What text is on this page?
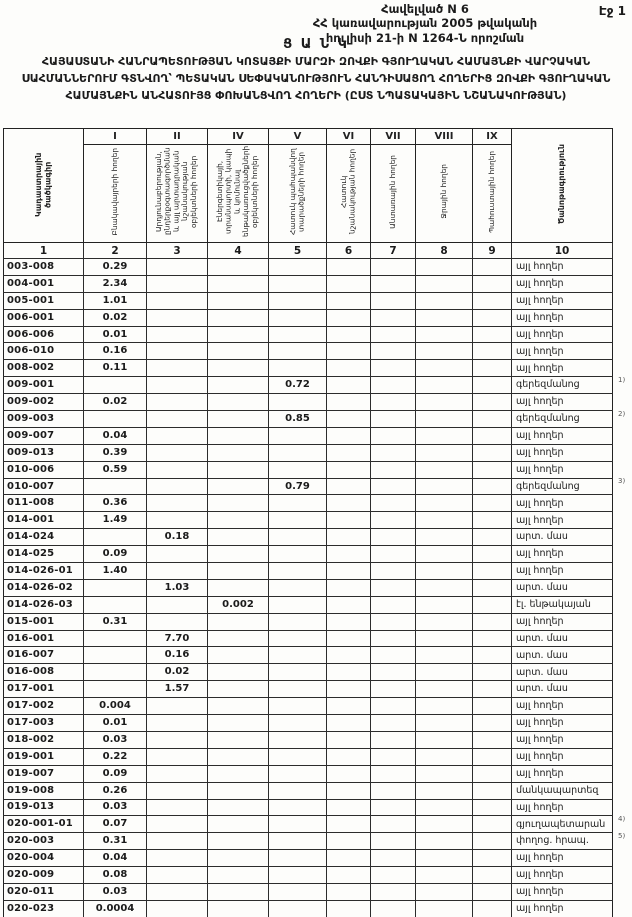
Էջ 1
Հավելված N 6
ՀՀ կառավարության 2005 թվականի
հուլիսի 21-ի N 1264-Ն որոշման
Ց Ա Ն Կ
ՀԱՅԱՍՏԱՆԻ ՀԱՆՐԱՊԵՏՈՒԹՅԱՆ ԿՈՏԱՅՔԻ ՄԱՐԶԻ ԶՈՎՔԻ ԳՅՈՒՂԱԿԱՆ ՀԱՄԱՅՆՔԻ ՎԱՐՉԱԿԱՆ ՍԱՀՄԱՆՆԵՐՈՒՄ ԳՏՆՎՈՂ՝ ՊԵՏԱԿԱՆ ՍԵՓԱԿԱՆՈՒԹՅՈՒՆ ՀԱՆԴԻՍԱՑՈՂ ՀՈՂԵՐԻՑ ԶՈՎՔԻ ԳՅՈՒՂԱԿԱՆ ՀԱՄԱՅՆՔԻՆ ԱՆՀԱՏՈՒՅՑ ՓՈԽԱՆՑՎՈՂ ՀՈՂԵՐԻ (ԸՍՏ ՆՊԱՏԱԿԱՅԻՆ ՆՇԱՆԱԿՈՒԹՅԱՆ)
Կադաստրային ծածկագիր	I	II	IV	V	VI	VII	VIII	IX	Ծանոթագրություն	
	Բնակավայրերի հողեր	Արդյունաբերության, ընդերքօգտագործման և այլ արտադրական նշանակության օբյեկտների հողեր	Էներգետիկայի, տրանսպորտի, կապի և կոմունալ ենթակառուցվածքների օբյեկտների հողեր	Հատուկ պահպանվող տարածքների հողեր	Հատուկ նշանակության հողեր	Անտառային հողեր	Ջրային հողեր	Պահուստային հողեր		
1	2	3	4	5	6	7	8	9	10	
003-008	0.29								այլ հողեր	
004-001	2.34								այլ հողեր	
005-001	1.01								այլ հողեր	
006-001	0.02								այլ հողեր	
006-006	0.01								այլ հողեր	
006-010	0.16								այլ հողեր	
008-002	0.11								այլ հողեր	
009-001				0.72					գերեզմանոց	1)
009-002	0.02								այլ հողեր	
009-003				0.85					գերեզմանոց	2)
009-007	0.04								այլ հողեր	
009-013	0.39								այլ հողեր	
010-006	0.59								այլ հողեր	
010-007				0.79					գերեզմանոց	3)
011-008	0.36								այլ հողեր	
014-001	1.49								այլ հողեր	
014-024		0.18							արտ. մաս	
014-025	0.09								այլ հողեր	
014-026-01	1.40								այլ հողեր	
014-026-02		1.03							արտ. մաս	
014-026-03			0.002						էլ. ենթակայան	
015-001	0.31								այլ հողեր	
016-001		7.70							արտ. մաս	
016-007		0.16							արտ. մաս	
016-008		0.02							արտ. մաս	
017-001		1.57							արտ. մաս	
017-002	0.004								այլ հողեր	
017-003	0.01								այլ հողեր	
018-002	0.03								այլ հողեր	
019-001	0.22								այլ հողեր	
019-007	0.09								այլ հողեր	
019-008	0.26								մանկապարտեզ	
019-013	0.03								այլ հողեր	
020-001-01	0.07								գյուղապետարան	4)
020-003	0.31								փողոց. հրապ.	5)
020-004	0.04								այլ հողեր	
020-009	0.08								այլ հողեր	
020-011	0.03								այլ հողեր	
020-023	0.0004								այլ հողեր	
